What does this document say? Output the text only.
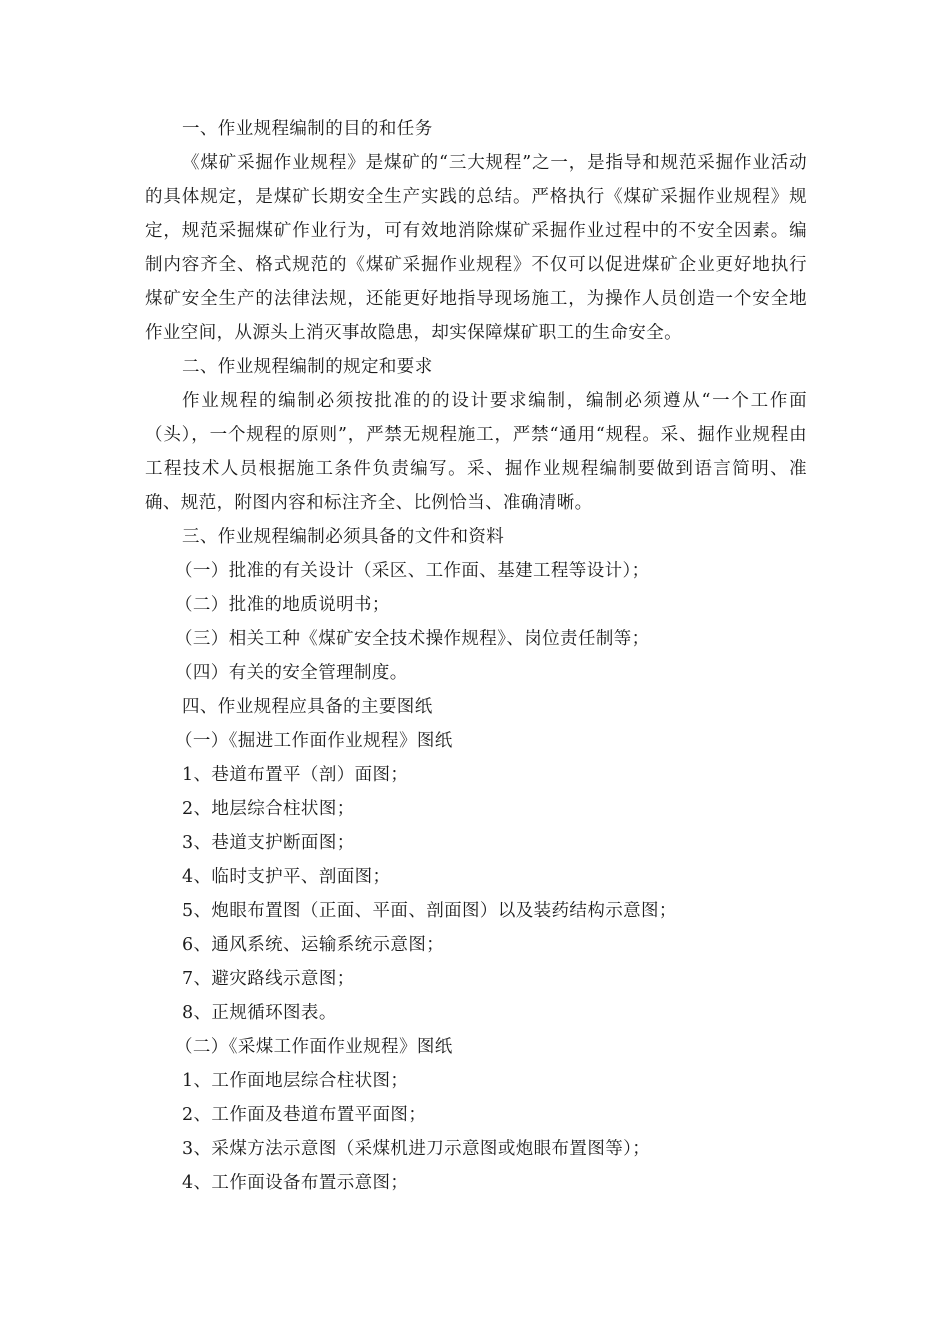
一、作业规程编制的目的和任务

《煤矿采掘作业规程》是煤矿的“三大规程”之一，是指导和规范采掘作业活动的具体规定，是煤矿长期安全生产实践的总结。严格执行《煤矿采掘作业规程》规定，规范采掘煤矿作业行为，可有效地消除煤矿采掘作业过程中的不安全因素。编制内容齐全、格式规范的《煤矿采掘作业规程》不仅可以促进煤矿企业更好地执行煤矿安全生产的法律法规，还能更好地指导现场施工，为操作人员创造一个安全地作业空间，从源头上消灭事故隐患，却实保障煤矿职工的生命安全。

二、作业规程编制的规定和要求

作业规程的编制必须按批准的的设计要求编制，编制必须遵从“一个工作面（头），一个规程的原则”，严禁无规程施工，严禁“通用“规程。采、掘作业规程由工程技术人员根据施工条件负责编写。采、掘作业规程编制要做到语言简明、准确、规范，附图内容和标注齐全、比例恰当、准确清晰。

三、作业规程编制必须具备的文件和资料

（一）批准的有关设计（采区、工作面、基建工程等设计）；

（二）批准的地质说明书；

（三）相关工种《煤矿安全技术操作规程》、岗位责任制等；

（四）有关的安全管理制度。

四、作业规程应具备的主要图纸

（一）《掘进工作面作业规程》图纸

1、巷道布置平（剖）面图；

2、地层综合柱状图；

3、巷道支护断面图；

4、临时支护平、剖面图；

5、炮眼布置图（正面、平面、剖面图）以及装药结构示意图；

6、通风系统、运输系统示意图；

7、避灾路线示意图；

8、正规循环图表。

（二）《采煤工作面作业规程》图纸

1、工作面地层综合柱状图；

2、工作面及巷道布置平面图；

3、采煤方法示意图（采煤机进刀示意图或炮眼布置图等）；

4、工作面设备布置示意图；
